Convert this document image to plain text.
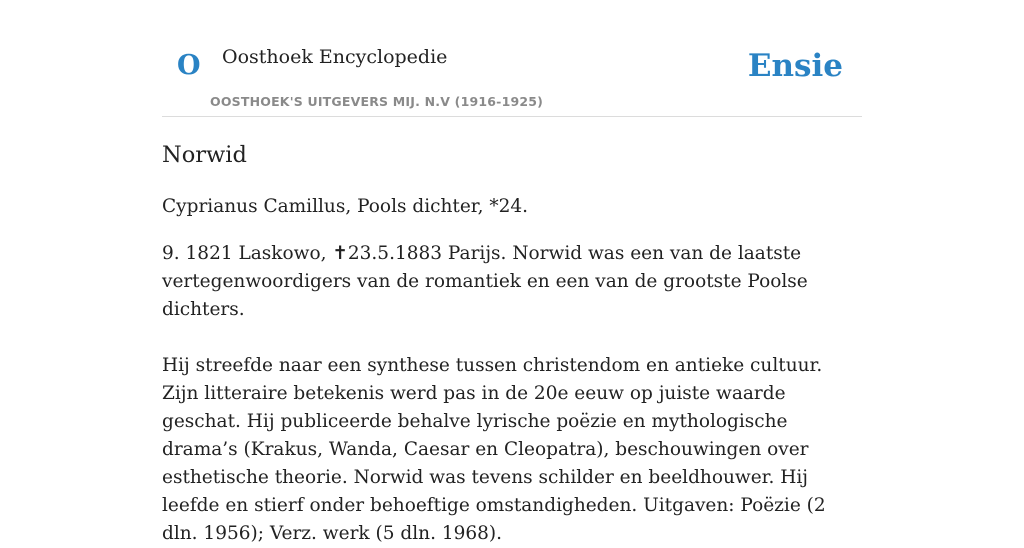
O Oosthoek Encyclopedie
OOSTHOEK'S UITGEVERS MIJ. N.V (1916-1925)
Ensie
Norwid

Cyprianus Camillus, Pools dichter, *24.

9. 1821 Laskowo, ✝23.5.1883 Parijs. Norwid was een van de laatste vertegenwoordigers van de romantiek en een van de grootste Poolse dichters.

Hij streefde naar een synthese tussen christendom en antieke cultuur. Zijn litteraire betekenis werd pas in de 20e eeuw op juiste waarde geschat. Hij publiceerde behalve lyrische poëzie en mythologische drama’s (Krakus, Wanda, Caesar en Cleopatra), beschouwingen over esthetische theorie. Norwid was tevens schilder en beeldhouwer. Hij leefde en stierf onder behoeftige omstandigheden. Uitgaven: Poëzie (2 dln. 1956); Verz. werk (5 dln. 1968).
